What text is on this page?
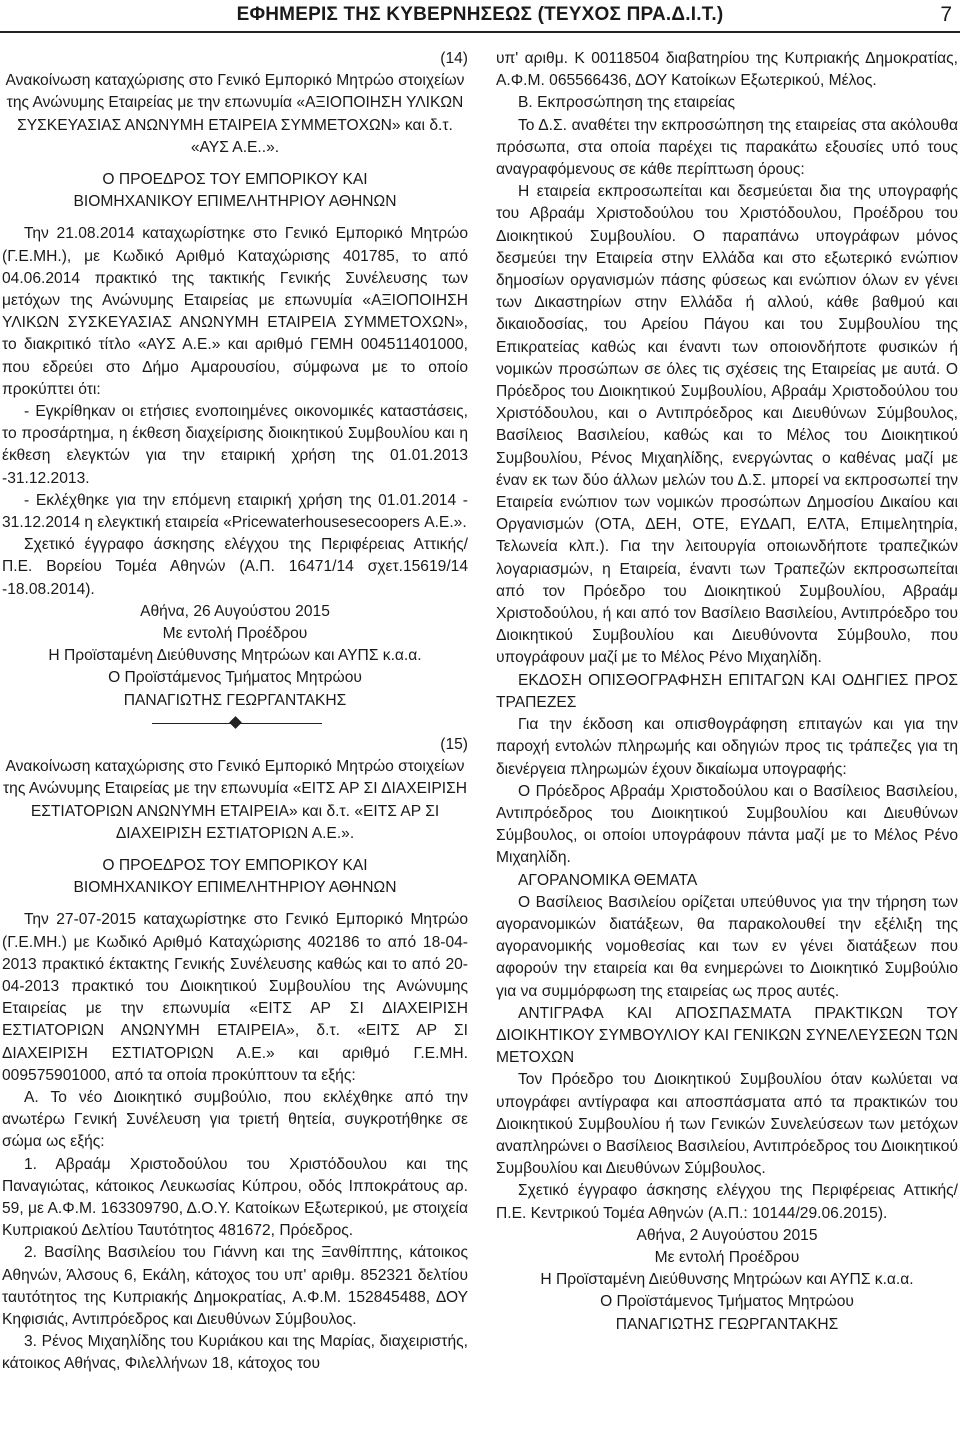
ΕΦΗΜΕΡΙΣ ΤΗΣ ΚΥΒΕΡΝΗΣΕΩΣ (ΤΕΥΧΟΣ ΠΡΑ.Δ.Ι.Τ.)	7

(14)

Ανακοίνωση καταχώρισης στο Γενικό Εμπορικό Μητρώο στοιχείων της Ανώνυμης Εταιρείας με την επωνυμία «ΑΞΙΟΠΟΙΗΣΗ ΥΛΙΚΩΝ ΣΥΣΚΕΥΑΣΙΑΣ ΑΝΩΝΥΜΗ ΕΤΑΙΡΕΙΑ ΣΥΜΜΕΤΟΧΩΝ» και δ.τ. «ΑΥΣ Α.Ε..».

Ο ΠΡΟΕΔΡΟΣ ΤΟΥ ΕΜΠΟΡΙΚΟΥ ΚΑΙ

ΒΙΟΜΗΧΑΝΙΚΟΥ ΕΠΙΜΕΛΗΤΗΡΙΟΥ ΑΘΗΝΩΝ

Την 21.08.2014 καταχωρίστηκε στο Γενικό Εμπορικό Μητρώο (Γ.Ε.ΜΗ.), με Κωδικό Αριθμό Καταχώρισης 401785, το από 04.06.2014 πρακτικό της τακτικής Γενικής Συνέλευσης των μετόχων της Ανώνυμης Εταιρείας με επωνυμία «ΑΞΙΟΠΟΙΗΣΗ ΥΛΙΚΩΝ ΣΥΣΚΕΥΑΣΙΑΣ ΑΝΩΝΥΜΗ ΕΤΑΙΡΕΙΑ ΣΥΜΜΕΤΟΧΩΝ», το διακριτικό τίτλο «ΑΥΣ Α.Ε.» και αριθμό ΓΕΜΗ 004511401000, που εδρεύει στο Δήμο Αμαρουσίου, σύμφωνα με το οποίο προκύπτει ότι:

- Εγκρίθηκαν οι ετήσιες ενοποιημένες οικονομικές καταστάσεις, το προσάρτημα, η έκθεση διαχείρισης διοικητικού Συμβουλίου και η έκθεση ελεγκτών για την εταιρική χρήση της 01.01.2013 -31.12.2013.

- Εκλέχθηκε για την επόμενη εταιρική χρήση της 01.01.2014 - 31.12.2014 η ελεγκτική εταιρεία «Pricewaterhousesecoopers Α.Ε.».

Σχετικό έγγραφο άσκησης ελέγχου της Περιφέρειας Αττικής/ Π.Ε. Βορείου Τομέα Αθηνών (Α.Π. 16471/14 σχετ.15619/14 -18.08.2014).

Αθήνα, 26 Αυγούστου 2015

Με εντολή Προέδρου

Η Προϊσταμένη Διεύθυνσης Μητρώων και ΑΥΠΣ κ.α.α.

Ο Προϊστάμενος Τμήματος Μητρώου

ΠΑΝΑΓΙΩΤΗΣ ΓΕΩΡΓΑΝΤΑΚΗΣ

(15)

Ανακοίνωση καταχώρισης στο Γενικό Εμπορικό Μητρώο στοιχείων της Ανώνυμης Εταιρείας με την επωνυμία «ΕΙΤΣ ΑΡ ΣΙ ΔΙΑΧΕΙΡΙΣΗ ΕΣΤΙΑΤΟΡΙΩΝ ΑΝΩΝΥΜΗ ΕΤΑΙΡΕΙΑ» και δ.τ. «ΕΙΤΣ ΑΡ ΣΙ ΔΙΑΧΕΙΡΙΣΗ ΕΣΤΙΑΤΟΡΙΩΝ Α.Ε.».

Ο ΠΡΟΕΔΡΟΣ ΤΟΥ ΕΜΠΟΡΙΚΟΥ ΚΑΙ

ΒΙΟΜΗΧΑΝΙΚΟΥ ΕΠΙΜΕΛΗΤΗΡΙΟΥ ΑΘΗΝΩΝ

Την 27-07-2015 καταχωρίστηκε στο Γενικό Εμπορικό Μητρώο (Γ.Ε.ΜΗ.) με Κωδικό Αριθμό Καταχώρισης 402186 το από 18-04-2013 πρακτικό έκτακτης Γενικής Συνέλευσης καθώς και το από 20-04-2013 πρακτικό του Διοικητικού Συμβουλίου της Ανώνυμης Εταιρείας με την επωνυμία «ΕΙΤΣ ΑΡ ΣΙ ΔΙΑΧΕΙΡΙΣΗ ΕΣΤΙΑΤΟΡΙΩΝ ΑΝΩΝΥΜΗ ΕΤΑΙΡΕΙΑ», δ.τ. «ΕΙΤΣ ΑΡ ΣΙ ΔΙΑΧΕΙΡΙΣΗ ΕΣΤΙΑΤΟΡΙΩΝ Α.Ε.» και αριθμό Γ.Ε.ΜΗ. 009575901000, από τα οποία προκύπτουν τα εξής:

Α. Το νέο Διοικητικό συμβούλιο, που εκλέχθηκε από την ανωτέρω Γενική Συνέλευση για τριετή θητεία, συγκροτήθηκε σε σώμα ως εξής:

1. Αβραάμ Χριστοδούλου του Χριστόδουλου και της Παναγιώτας, κάτοικος Λευκωσίας Κύπρου, οδός Ιπποκράτους αρ. 59, με Α.Φ.Μ. 163309790, Δ.Ο.Υ. Κατοίκων Εξωτερικού, με στοιχεία Κυπριακού Δελτίου Ταυτότητος 481672, Πρόεδρος.

2. Βασίλης Βασιλείου του Γιάννη και της Ξανθίππης, κάτοικος Αθηνών, Άλσους 6, Εκάλη, κάτοχος του υπ' αριθμ. 852321 δελτίου ταυτότητος της Κυπριακής Δημοκρατίας, Α.Φ.Μ. 152845488, ΔΟΥ Κηφισιάς, Αντιπρόεδρος και Διευθύνων Σύμβουλος.

3. Ρένος Μιχαηλίδης του Κυριάκου και της Μαρίας, διαχειριστής, κάτοικος Αθήνας, Φιλελλήνων 18, κάτοχος του

υπ' αριθμ. Κ 00118504 διαβατηρίου της Κυπριακής Δημοκρατίας, Α.Φ.Μ. 065566436, ΔΟΥ Κατοίκων Εξωτερικού, Μέλος.

Β. Εκπροσώπηση της εταιρείας

Το Δ.Σ. αναθέτει την εκπροσώπηση της εταιρείας στα ακόλουθα πρόσωπα, στα οποία παρέχει τις παρακάτω εξουσίες υπό τους αναγραφόμενους σε κάθε περίπτωση όρους:

Η εταιρεία εκπροσωπείται και δεσμεύεται δια της υπογραφής του Αβραάμ Χριστοδούλου του Χριστόδουλου, Προέδρου του Διοικητικού Συμβουλίου. Ο παραπάνω υπογράφων μόνος δεσμεύει την Εταιρεία στην Ελλάδα και στο εξωτερικό ενώπιον δημοσίων οργανισμών πάσης φύσεως και ενώπιον όλων εν γένει των Δικαστηρίων στην Ελλάδα ή αλλού, κάθε βαθμού και δικαιοδοσίας, του Αρείου Πάγου και του Συμβουλίου της Επικρατείας καθώς και έναντι των οποιονδήποτε φυσικών ή νομικών προσώπων σε όλες τις σχέσεις της Εταιρείας με αυτά. Ο Πρόεδρος του Διοικητικού Συμβουλίου, Αβραάμ Χριστοδούλου του Χριστόδουλου, και ο Αντιπρόεδρος και Διευθύνων Σύμβουλος, Βασίλειος Βασιλείου, καθώς και το Μέλος του Διοικητικού Συμβουλίου, Ρένος Μιχαηλίδης, ενεργώντας ο καθένας μαζί με έναν εκ των δύο άλλων μελών του Δ.Σ. μπορεί να εκπροσωπεί την Εταιρεία ενώπιον των νομικών προσώπων Δημοσίου Δικαίου και Οργανισμών (ΟΤΑ, ΔΕΗ, ΟΤΕ, ΕΥΔΑΠ, ΕΛΤΑ, Επιμελητηρία, Τελωνεία κλπ.). Για την λειτουργία οποιωνδήποτε τραπεζικών λογαριασμών, η Εταιρεία, έναντι των Τραπεζών εκπροσωπείται από τον Πρόεδρο του Διοικητικού Συμβουλίου, Αβραάμ Χριστοδούλου, ή και από τον Βασίλειο Βασιλείου, Αντιπρόεδρο του Διοικητικού Συμβουλίου και Διευθύνοντα Σύμβουλο, που υπογράφουν μαζί με το Μέλος Ρένο Μιχαηλίδη.

ΕΚΔΟΣΗ ΟΠΙΣΘΟΓΡΑΦΗΣΗ ΕΠΙΤΑΓΩΝ ΚΑΙ ΟΔΗΓΙΕΣ ΠΡΟΣ ΤΡΑΠΕΖΕΣ

Για την έκδοση και οπισθογράφηση επιταγών και για την παροχή εντολών πληρωμής και οδηγιών προς τις τράπεζες για τη διενέργεια πληρωμών έχουν δικαίωμα υπογραφής:

Ο Πρόεδρος Αβραάμ Χριστοδούλου και ο Βασίλειος Βασιλείου, Αντιπρόεδρος του Διοικητικού Συμβουλίου και Διευθύνων Σύμβουλος, οι οποίοι υπογράφουν πάντα μαζί με το Μέλος Ρένο Μιχαηλίδη.

ΑΓΟΡΑΝΟΜΙΚΑ ΘΕΜΑΤΑ

Ο Βασίλειος Βασιλείου ορίζεται υπεύθυνος για την τήρηση των αγορανομικών διατάξεων, θα παρακολουθεί την εξέλιξη της αγορανομικής νομοθεσίας και των εν γένει διατάξεων που αφορούν την εταιρεία και θα ενημερώνει το Διοικητικό Συμβούλιο για να συμμόρφωση της εταιρείας ως προς αυτές.

ΑΝΤΙΓΡΑΦΑ ΚΑΙ ΑΠΟΣΠΑΣΜΑΤΑ ΠΡΑΚΤΙΚΩΝ ΤΟΥ ΔΙΟΙΚΗΤΙΚΟΥ ΣΥΜΒΟΥΛΙΟΥ ΚΑΙ ΓΕΝΙΚΩΝ ΣΥΝΕΛΕΥΣΕΩΝ ΤΩΝ ΜΕΤΟΧΩΝ

Τον Πρόεδρο του Διοικητικού Συμβουλίου όταν κωλύεται να υπογράφει αντίγραφα και αποσπάσματα από τα πρακτικών του Διοικητικού Συμβουλίου ή των Γενικών Συνελεύσεων των μετόχων αναπληρώνει ο Βασίλειος Βασιλείου, Αντιπρόεδρος του Διοικητικού Συμβουλίου και Διευθύνων Σύμβουλος.

Σχετικό έγγραφο άσκησης ελέγχου της Περιφέρειας Αττικής/Π.Ε. Κεντρικού Τομέα Αθηνών (Α.Π.: 10144/29.06.2015).

Αθήνα, 2 Αυγούστου 2015

Με εντολή Προέδρου

Η Προϊσταμένη Διεύθυνσης Μητρώων και ΑΥΠΣ κ.α.α.

Ο Προϊστάμενος Τμήματος Μητρώου

ΠΑΝΑΓΙΩΤΗΣ ΓΕΩΡΓΑΝΤΑΚΗΣ
